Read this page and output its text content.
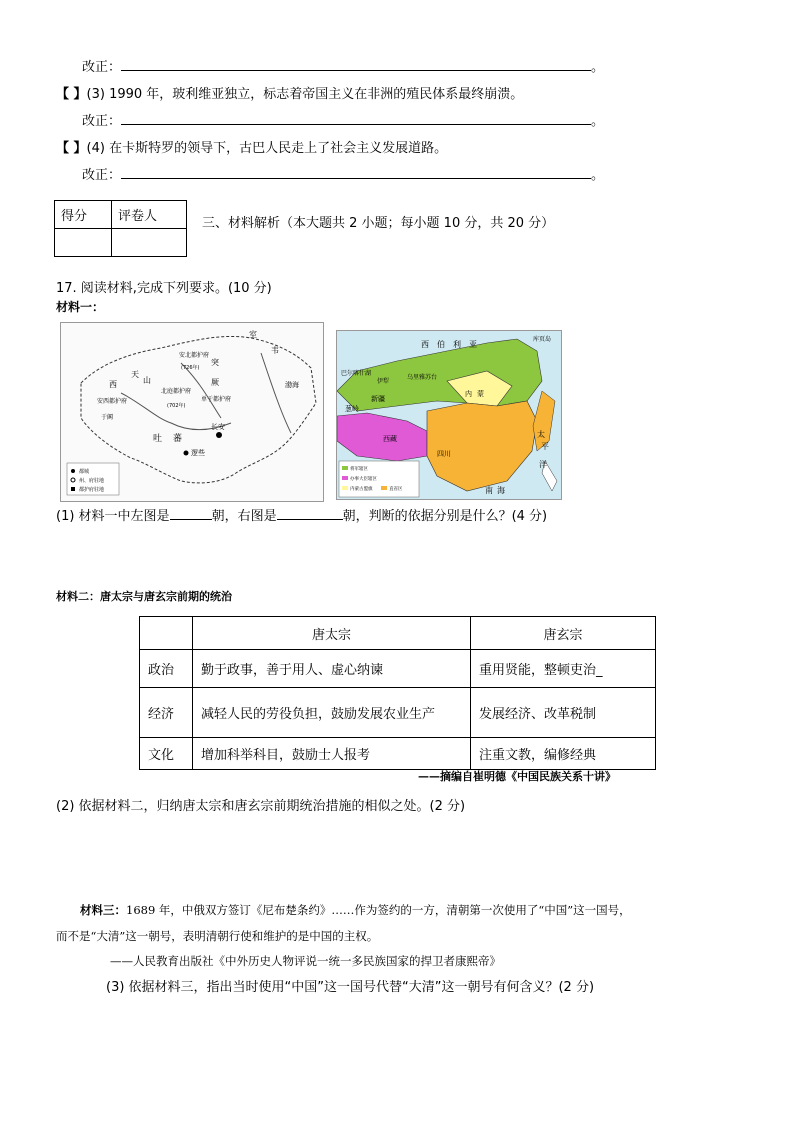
改正：	。
【 】(3) 1990 年，玻利维亚独立，标志着帝国主义在非洲的殖民体系最终崩溃。
改正：	。
【 】(4) 在卡斯特罗的领导下，古巴人民走上了社会主义发展道路。
改正：	。
得分	评卷人
		三、材料解析（本大题共 2 小题；每小题 10 分，共 20 分）
17. 阅读材料,完成下列要求。(10 分)
材料一：
室
韦
突
厥
西
天
山
北庭都护府
安北都护府
单于都护府
安西都护府
于阗
吐 蕃
逻些
长安
渤海
(726年)
(702年)
都城
州、府驻地
都护府驻地
西 伯 利 亚
库页岛
巴尔喀什湖
伊犁
乌里雅苏台
新疆
葱岭
西藏
四川
内 蒙
太
平
洋
南 海
将军辖区
办事大臣辖区
内蒙古盟旗	直省区
(1) 材料一中左图是	朝，右图是	朝，判断的依据分别是什么？(4 分)
材料二：唐太宗与唐玄宗前期的统治
	唐太宗	唐玄宗
政治	勤于政事，善于用人、虚心纳谏	重用贤能，整顿吏治_
经济	减轻人民的劳役负担，鼓励发展农业生产	发展经济、改革税制
文化	增加科举科目，鼓励士人报考	注重文教，编修经典
——摘编自崔明德《中国民族关系十讲》
(2) 依据材料二，归纳唐太宗和唐玄宗前期统治措施的相似之处。(2 分)
材料三：1689 年，中俄双方签订《尼布楚条约》……作为签约的一方，清朝第一次使用了“中国”这一国号，
而不是“大清”这一朝号，表明清朝行使和维护的是中国的主权。
——人民教育出版社《中外历史人物评说一统一多民族国家的捍卫者康熙帝》
(3) 依据材料三，指出当时使用“中国”这一国号代替“大清”这一朝号有何含义？(2 分)
